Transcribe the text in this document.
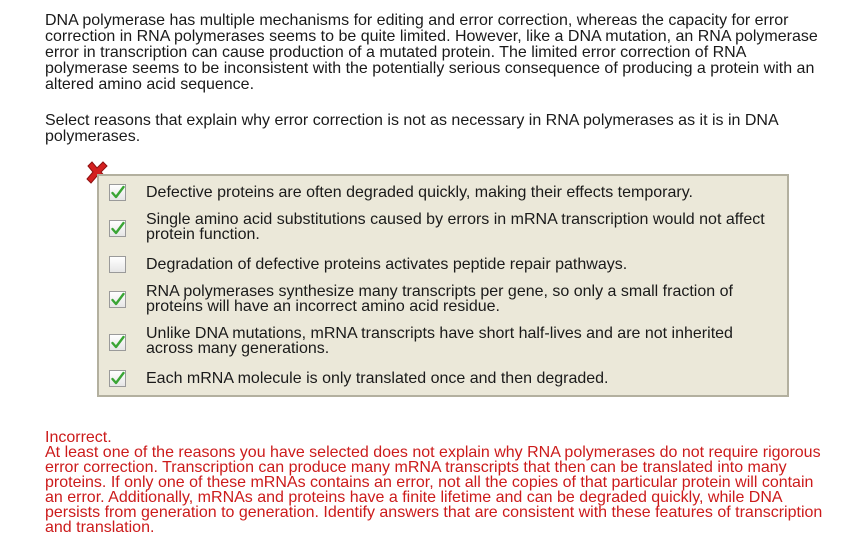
DNA polymerase has multiple mechanisms for editing and error correction, whereas the capacity for error correction in RNA polymerases seems to be quite limited. However, like a DNA mutation, an RNA polymerase error in transcription can cause production of a mutated protein. The limited error correction of RNA polymerase seems to be inconsistent with the potentially serious consequence of producing a protein with an altered amino acid sequence.

Select reasons that explain why error correction is not as necessary in RNA polymerases as it is in DNA polymerases.

Defective proteins are often degraded quickly, making their effects temporary.
Single amino acid substitutions caused by errors in mRNA transcription would not affect protein function.
Degradation of defective proteins activates peptide repair pathways.
RNA polymerases synthesize many transcripts per gene, so only a small fraction of proteins will have an incorrect amino acid residue.
Unlike DNA mutations, mRNA transcripts have short half-lives and are not inherited across many generations.
Each mRNA molecule is only translated once and then degraded.

Incorrect.
At least one of the reasons you have selected does not explain why RNA polymerases do not require rigorous error correction. Transcription can produce many mRNA transcripts that then can be translated into many proteins. If only one of these mRNAs contains an error, not all the copies of that particular protein will contain an error. Additionally, mRNAs and proteins have a finite lifetime and can be degraded quickly, while DNA persists from generation to generation. Identify answers that are consistent with these features of transcription and translation.
